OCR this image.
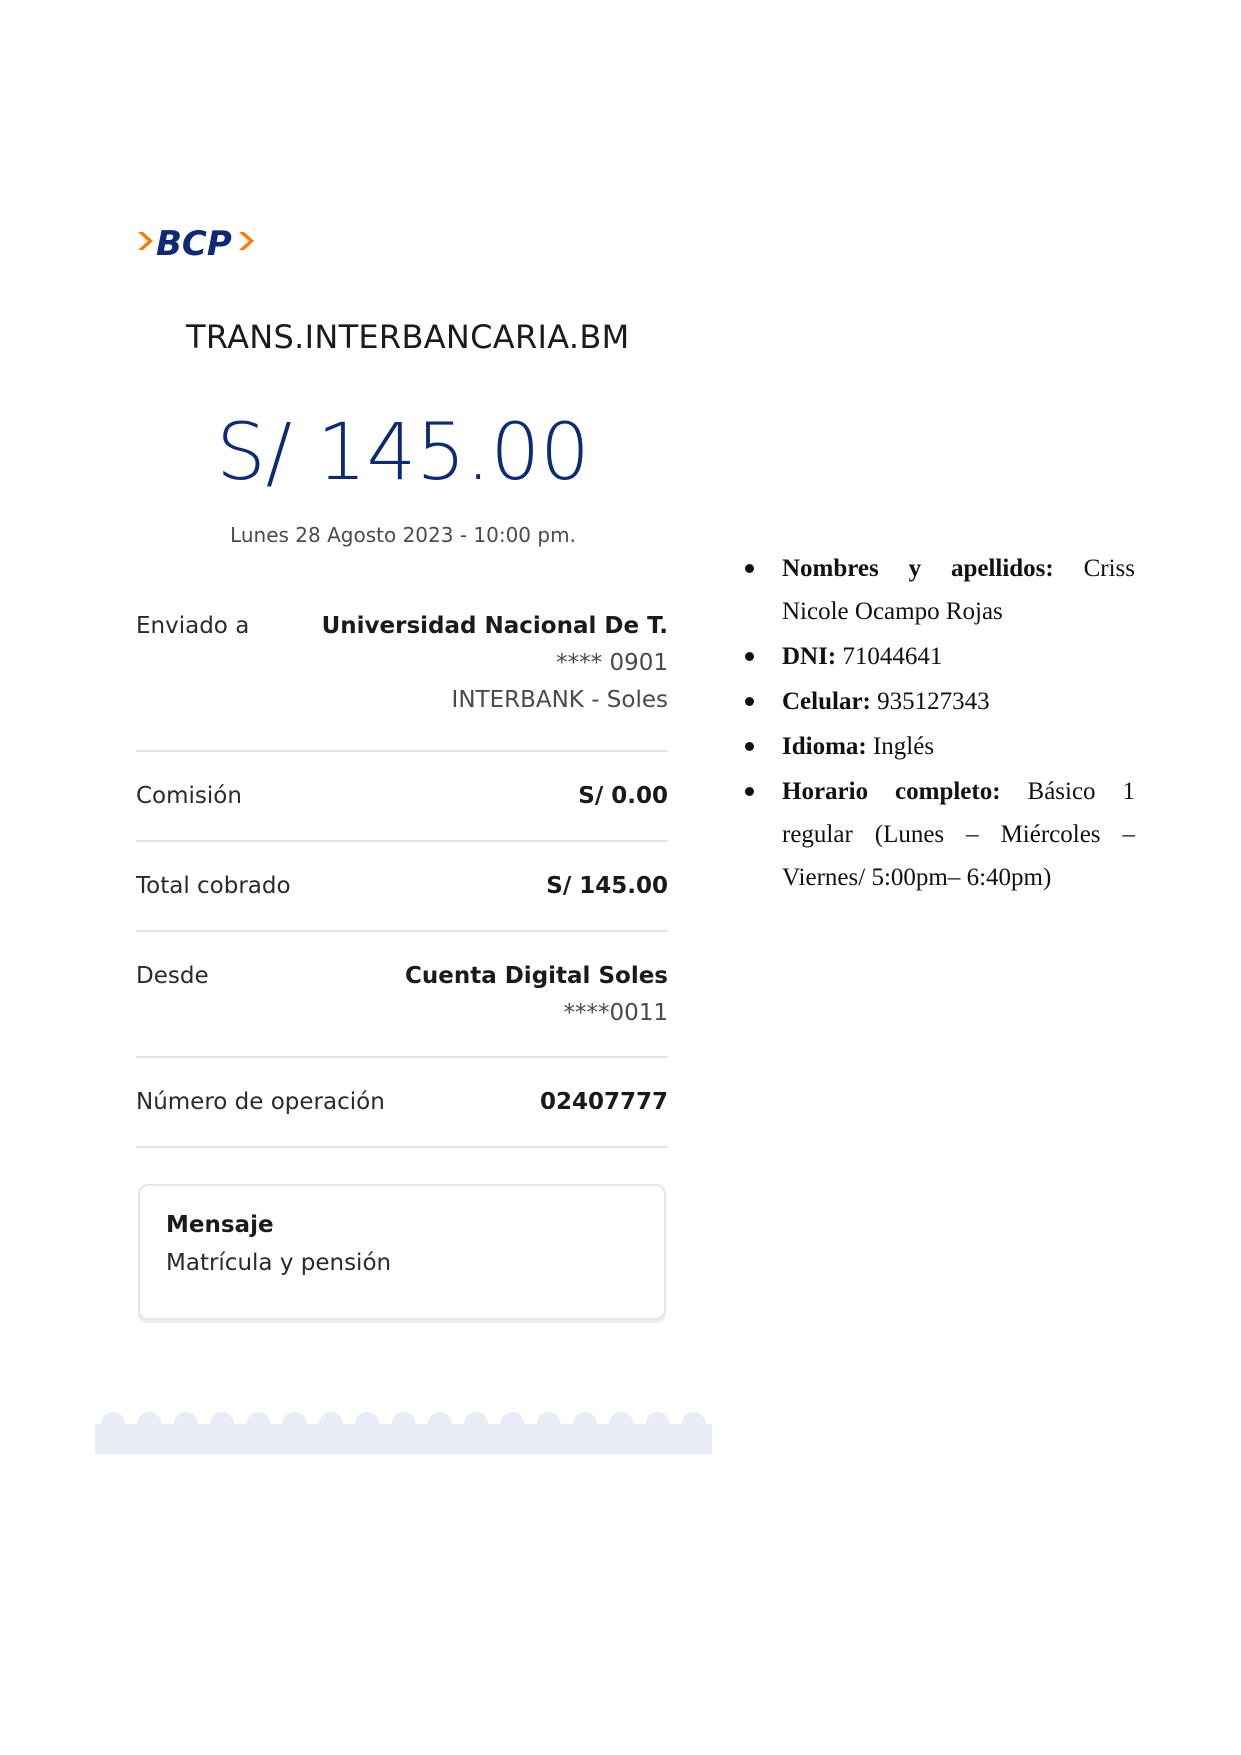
BCP
TRANS.INTERBANCARIA.BM
S/ 145.00
Lunes 28 Agosto 2023 - 10:00 pm.
Enviado a	Universidad Nacional De T.
**** 0901
INTERBANK - Soles
Comisión	S/ 0.00
Total cobrado	S/ 145.00
Desde	Cuenta Digital Soles
****0011
Número de operación	02407777
Mensaje
Matrícula y pensión
Nombres y apellidos: Criss Nicole Ocampo Rojas
DNI: 71044641
Celular: 935127343
Idioma: Inglés
Horario completo: Básico 1 regular (Lunes – Miércoles – Viernes/ 5:00pm– 6:40pm)
